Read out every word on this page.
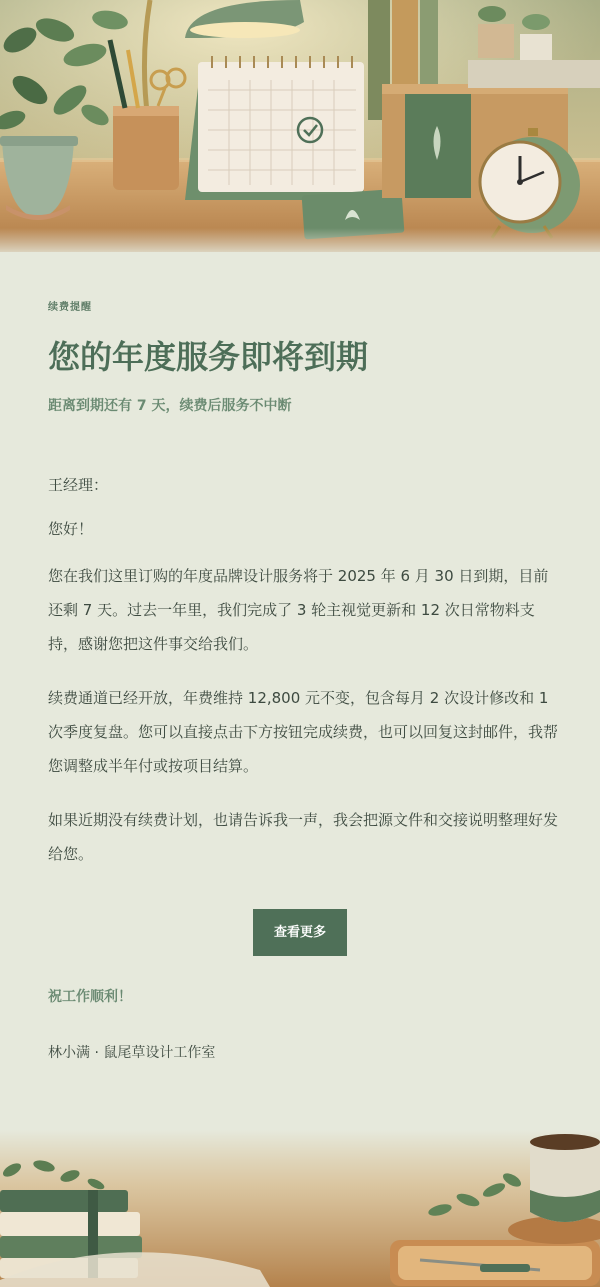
续费提醒

您的年度服务即将到期

距离到期还有 7 天，续费后服务不中断

王经理：

您好！

您在我们这里订购的年度品牌设计服务将于 2025 年 6 月 30 日到期，目前还剩 7 天。过去一年里，我们完成了 3 轮主视觉更新和 12 次日常物料支持，感谢您把这件事交给我们。

续费通道已经开放，年费维持 12,800 元不变，包含每月 2 次设计修改和 1 次季度复盘。您可以直接点击下方按钮完成续费，也可以回复这封邮件，我帮您调整成半年付或按项目结算。

如果近期没有续费计划，也请告诉我一声，我会把源文件和交接说明整理好发给您。

查看更多

祝工作顺利！

林小满 · 鼠尾草设计工作室
